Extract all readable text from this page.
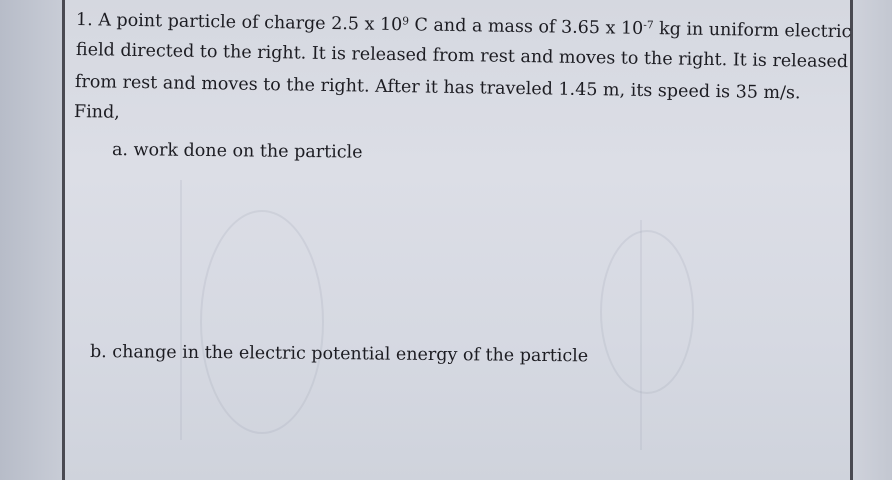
1. A point particle of charge 2.5 x $10^9$ C and a mass of 3.65 x $10^{-7}$ kg in uniform electric
field directed to the right. It is released from rest and moves to the right. It is released
from rest and moves to the right. After it has traveled 1.45 m, its speed is 35 m/s.
Find,
a. work done on the particle
b. change in the electric potential energy of the particle
